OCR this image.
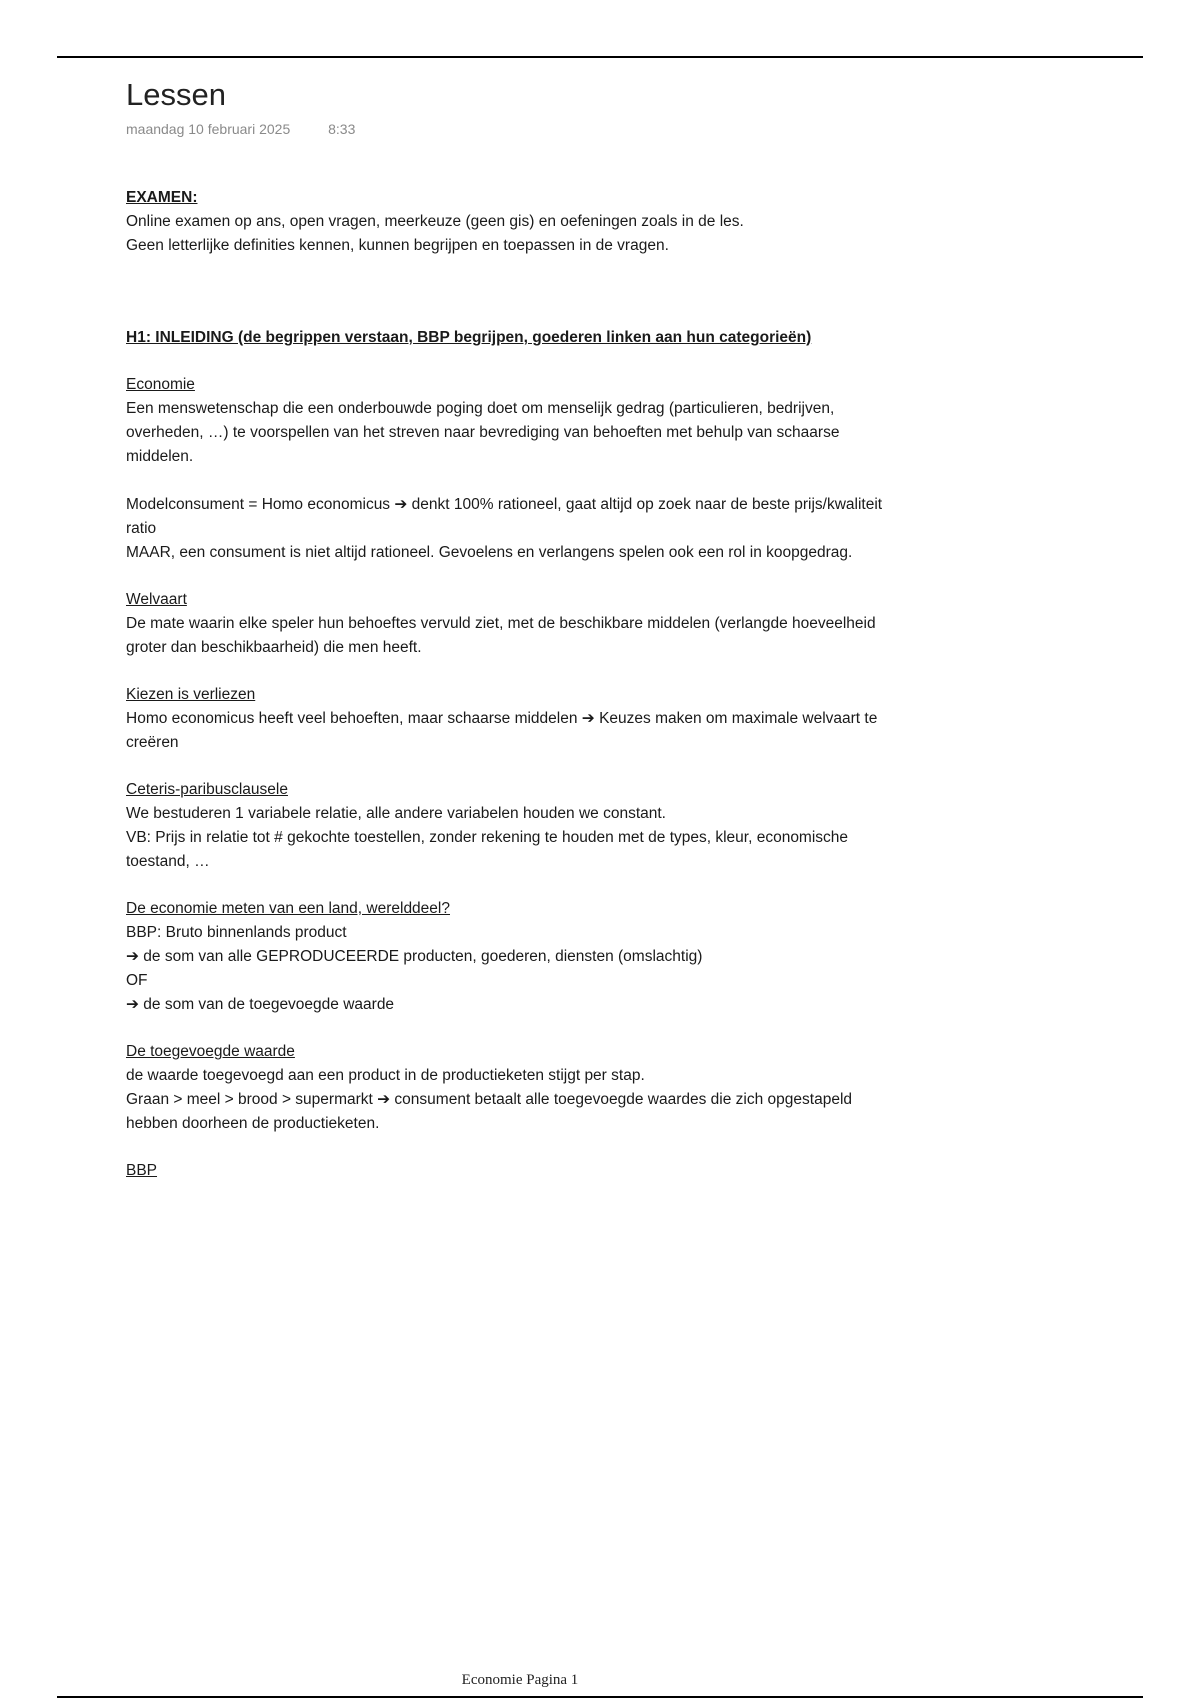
Lessen
maandag 10 februari 2025	8:33

EXAMEN:

Online examen op ans, open vragen, meerkeuze (geen gis) en oefeningen zoals in de les.

Geen letterlijke definities kennen, kunnen begrijpen en toepassen in de vragen.

H1: INLEIDING (de begrippen verstaan, BBP begrijpen, goederen linken aan hun categorieën)

Economie

Een menswetenschap die een onderbouwde poging doet om menselijk gedrag (particulieren, bedrijven,

overheden, …) te voorspellen van het streven naar bevrediging van behoeften met behulp van schaarse

middelen.

Modelconsument = Homo economicus ➔ denkt 100% rationeel, gaat altijd op zoek naar de beste prijs/kwaliteit

ratio

MAAR, een consument is niet altijd rationeel. Gevoelens en verlangens spelen ook een rol in koopgedrag.

Welvaart

De mate waarin elke speler hun behoeftes vervuld ziet, met de beschikbare middelen (verlangde hoeveelheid

groter dan beschikbaarheid) die men heeft.

Kiezen is verliezen

Homo economicus heeft veel behoeften, maar schaarse middelen ➔ Keuzes maken om maximale welvaart te

creëren

Ceteris-paribusclausele

We bestuderen 1 variabele relatie, alle andere variabelen houden we constant.

VB: Prijs in relatie tot # gekochte toestellen, zonder rekening te houden met de types, kleur, economische

toestand, …

De economie meten van een land, werelddeel?

BBP: Bruto binnenlands product

➔ de som van alle GEPRODUCEERDE producten, goederen, diensten (omslachtig)

OF

➔ de som van de toegevoegde waarde

De toegevoegde waarde

de waarde toegevoegd aan een product in de productieketen stijgt per stap.

Graan > meel > brood > supermarkt ➔ consument betaalt alle toegevoegde waardes die zich opgestapeld

hebben doorheen de productieketen.

BBP

Economie Pagina 1
